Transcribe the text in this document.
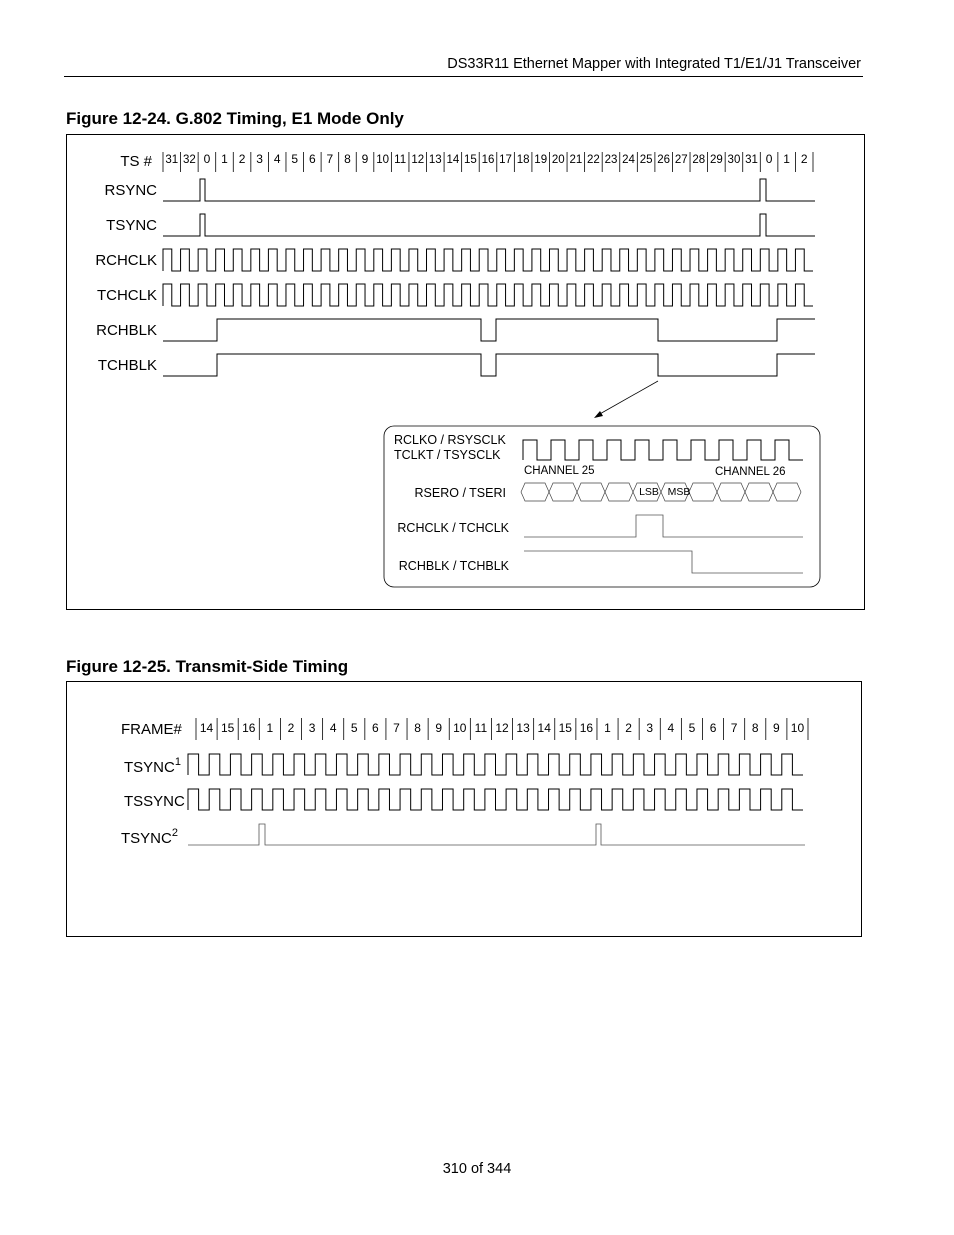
DS33R11 Ethernet Mapper with Integrated T1/E1/J1 Transceiver
Figure 12-24. G.802 Timing, E1 Mode Only
RSYNC
TSYNC
RCHCLK
TCHCLK
RCHBLK
TCHBLK
TS # 31 32 0 1 2 3 4 5 6 7 8 9 10 11 12 13 14 15 16 17 18 19 20 21 22 23 24 25 26 27 28 29 30 31 0 1 2
RCLKO / RSYSCLK
TCLKT / TSYSCLK
CHANNEL 25	CHANNEL 26
RSERO / TSERI
RCHCLK / TCHCLK
RCHBLK / TCHBLK
LSB MSB
Figure 12-25. Transmit-Side Timing
FRAME#
TSYNC$^1$
TSSYNC
TSYNC$^2$
14 15 16 1 2 3 4 5 6 7 8 9 10 11 12 13 14 15 16 1 2 3 4 5 6 7 8 9 10
310 of 344
